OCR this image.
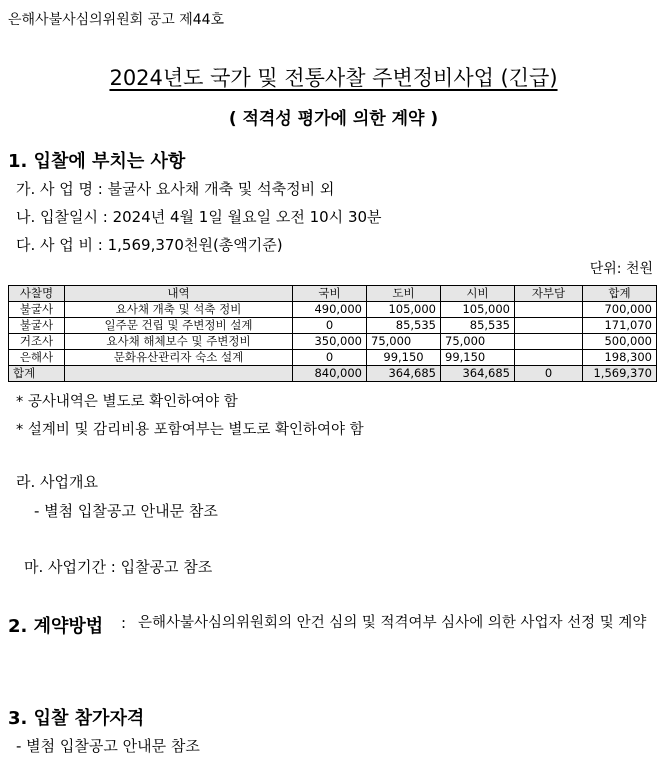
은해사불사심의위원회 공고 제44호
2024년도 국가 및 전통사찰 주변정비사업 (긴급)
( 적격성 평가에 의한 계약 )
1. 입찰에 부치는 사항
가. 사 업 명 : 불굴사 요사채 개축 및 석축정비 외
나. 입찰일시 : 2024년 4월 1일 월요일 오전 10시 30분
다. 사 업 비 : 1,569,370천원(총액기준)
단위: 천원
사찰명	내역	국비	도비	시비	자부담	합계
불굴사	요사채 개축 및 석축 정비	490,000	105,000	105,000		700,000
불굴사	일주문 건립 및 주변정비 설계	0	85,535	85,535		171,070
거조사	요사채 해체보수 및 주변정비	350,000	75,000	75,000		500,000
은해사	문화유산관리자 숙소 설계	0	99,150	99,150		198,300
합계		840,000	364,685	364,685	0	1,569,370
* 공사내역은 별도로 확인하여야 함
* 설계비 및 감리비용 포함여부는 별도로 확인하여야 함
라. 사업개요
- 별첨 입찰공고 안내문 참조
마. 사업기간 : 입찰공고 참조
2. 계약방법 : 은해사불사심의위원회의 안건 심의 및 적격여부 심사에 의한 사업자 선정 및 계약
3. 입찰 참가자격
- 별첨 입찰공고 안내문 참조
